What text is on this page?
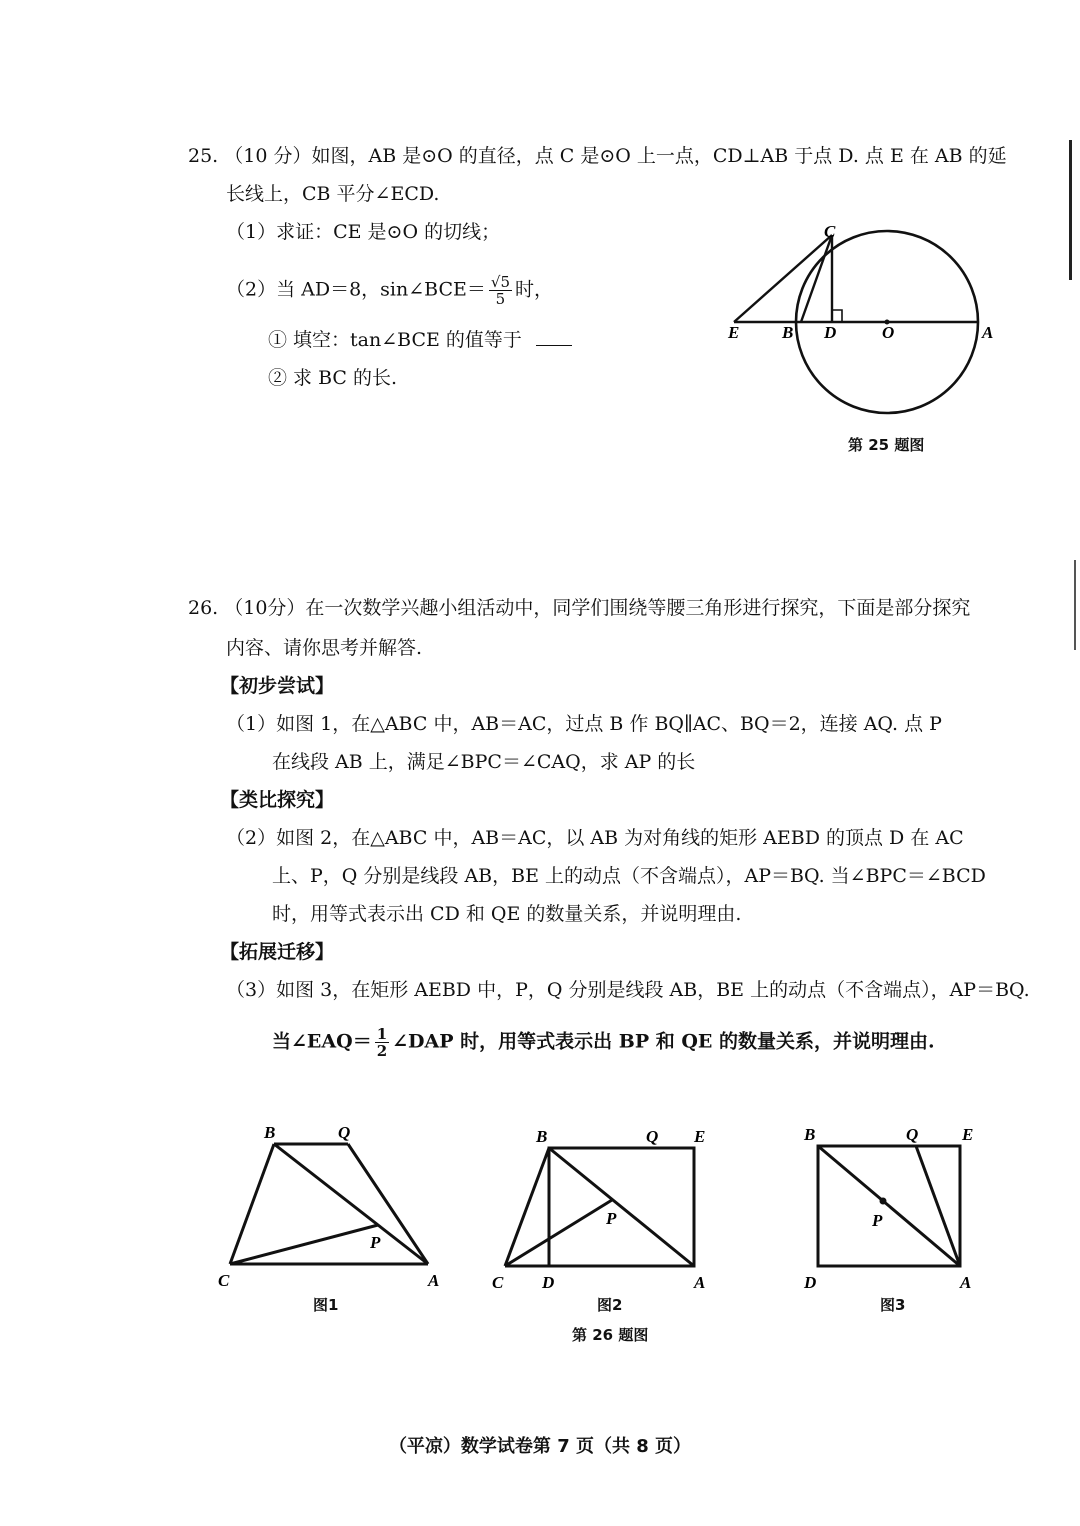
25. （10 分）如图，AB 是⊙O 的直径，点 C 是⊙O 上一点，CD⊥AB 于点 D. 点 E 在 AB 的延
长线上，CB 平分∠ECD.
（1）求证：CE 是⊙O 的切线；
（2）当 AD＝8，sin∠BCE＝ $\frac{√5}{5}$ 时，
① 填空：tan∠BCE 的值等于
② 求 BC 的长.
C
E	B D	O	A
第 25 题图
26. （10分）在一次数学兴趣小组活动中，同学们围绕等腰三角形进行探究，下面是部分探究
内容、请你思考并解答.
【初步尝试】
（1）如图 1，在△ABC 中，AB＝AC，过点 B 作 BQ∥AC、BQ＝2，连接 AQ. 点 P
在线段 AB 上，满足∠BPC＝∠CAQ，求 AP 的长
【类比探究】
（2）如图 2，在△ABC 中，AB＝AC，以 AB 为对角线的矩形 AEBD 的顶点 D 在 AC
上、P，Q 分别是线段 AB，BE 上的动点（不含端点），AP＝BQ. 当∠BPC＝∠BCD
时，用等式表示出 CD 和 QE 的数量关系，并说明理由.
【拓展迁移】
（3）如图 3，在矩形 AEBD 中，P，Q 分别是线段 AB，BE 上的动点（不含端点），AP＝BQ.
当∠EAQ＝ $\frac{1}{2}$ ∠DAP 时，用等式表示出 BP 和 QE 的数量关系，并说明理由.
B	Q
P
C	A
图1
B	Q E
P
C D	A
图2
B	Q	E
P
D	A
图3
第 26 题图
（平凉）数学试卷第 7 页（共 8 页）
